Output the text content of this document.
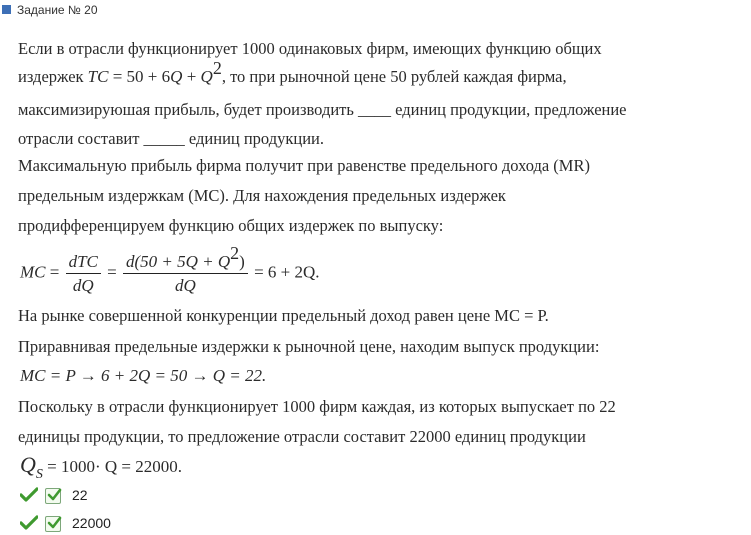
Задание № 20
Если в отрасли функционирует 1000 одинаковых фирм, имеющих функцию общих
издержек TC = 50 + 6Q + Q2, то при рыночной цене 50 рублей каждая фирма,
максимизируюшая прибыль, будет производить ____ единиц продукции, предложение
отрасли составит _____ единиц продукции.
Максимальную прибыль фирма получит при равенстве предельного дохода (MR)
предельным издержкам (МС). Для нахождения предельных издержек
продифференцируем функцию общих издержек по выпуску:
MC = $\frac{\text{dTC}}{dQ} = \frac{d(50 + 5Q + Q2)}{dQ} = 6 + 2Q$.
На рынке совершенной конкуренции предельный доход равен цене МС = Р.
Приравнивая предельные издержки к рыночной цене, находим выпуск продукции:
MC = P → 6 + 2Q = 50 → Q = 22.
Поскольку в отрасли функционирует 1000 фирм каждая, из которых выпускает по 22
единицы продукции, то предложение отрасли составит 22000 единиц продукции
$Q_S = 1000\cdot Q = 22000$.
22
22000
